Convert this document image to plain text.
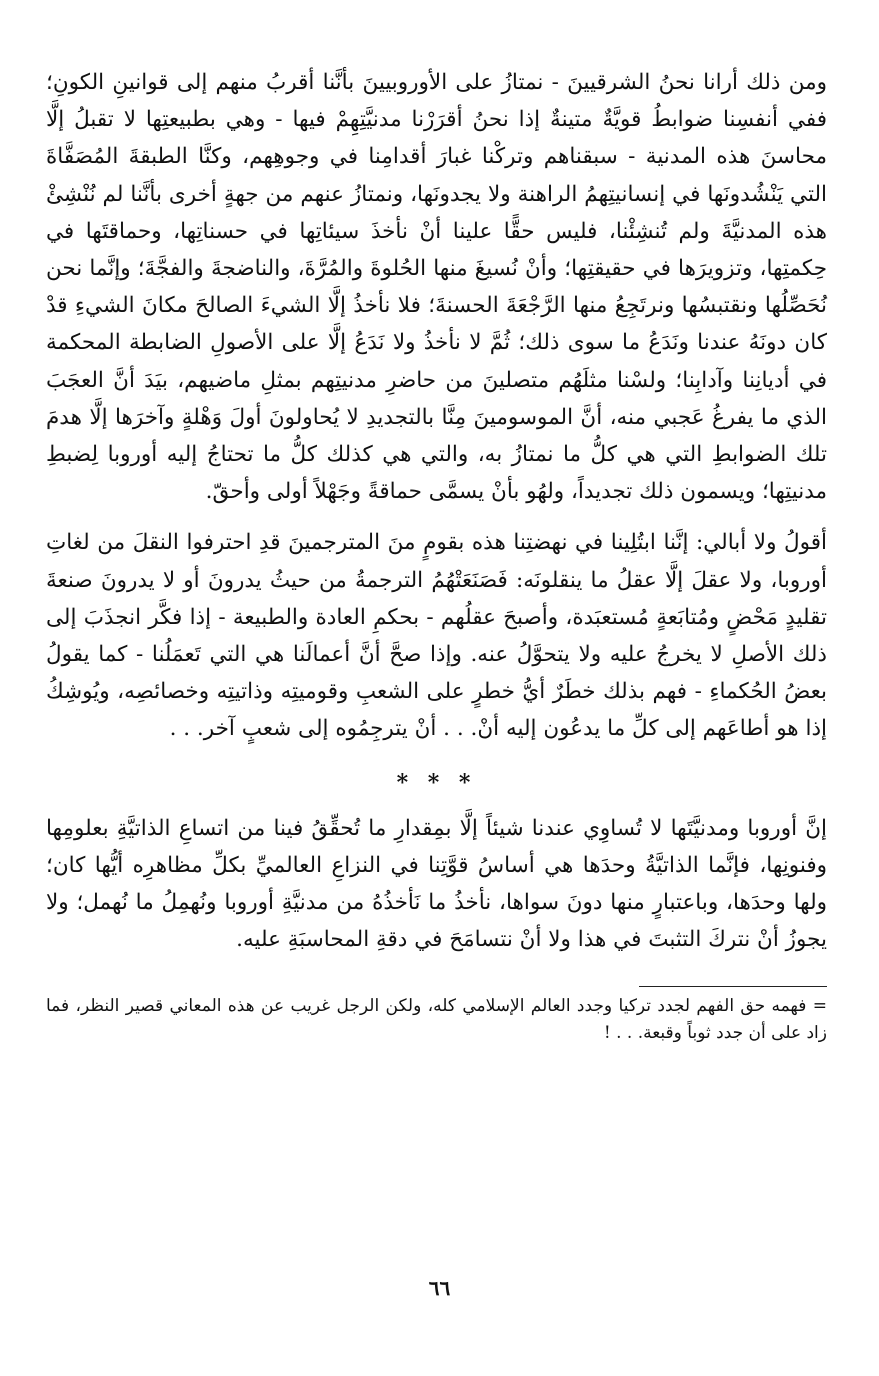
ومن ذلك أرانا نحنُ الشرقيينَ - نمتازُ على الأوروبيينَ بأنَّنا أقربُ منهم إلى قوانينِ الكونِ؛ ففي أنفسِنا ضوابطُ قويَّةٌ متينةٌ إذا نحنُ أقرَرْنا مدنيَّتِهِمْ فيها - وهي بطبيعتِها لا تقبلُ إلَّا محاسنَ هذه المدنية - سبقناهم وتركْنا غبارَ أقدامِنا في وجوهِهم، وكنَّا الطبقةَ المُصَفَّاةَ التي يَنْشُدونَها في إنسانيتِهمُ الراهنة ولا يجدونَها، ونمتازُ عنهم من جهةٍ أخرى بأنَّنا لم نُنْشِئْ هذه المدنيَّةَ ولم تُنشِئْنا، فليس حقًّا علينا أنْ نأخذَ سيئاتِها في حسناتِها، وحماقتَها في حِكمتِها، وتزويرَها في حقيقتِها؛ وأنْ نُسيغَ منها الحُلوةَ والمُرَّةَ، والناضجةَ والفجَّةَ؛ وإنَّما نحن نُحَصِّلُها ونقتبسُها ونرتَجِعُ منها الرَّجْعَةَ الحسنةَ؛ فلا نأخذُ إلَّا الشيءَ الصالحَ مكانَ الشيءِ قدْ كان دونَهُ عندنا ونَدَعُ ما سوى ذلك؛ ثُمَّ لا نأخذُ ولا نَدَعُ إلَّا على الأصولِ الضابطة المحكمة في أديانِنا وآدابِنا؛ ولسْنا مثلَهُم متصلينَ من حاضرِ مدنيتِهم بمثلِ ماضيهم، بيَدَ أنَّ العجَبَ الذي ما يفرغُ عَجبي منه، أنَّ الموسومينَ مِنَّا بالتجديدِ لا يُحاولونَ أولَ وَهْلةٍ وآخرَها إلَّا هدمَ تلك الضوابطِ التي هي كلُّ ما نمتازُ به، والتي هي كذلك كلُّ ما تحتاجُ إليه أوروبا لِضبطِ مدنيتِها؛ ويسمون ذلك تجديداً، ولهُو بأنْ يسمَّى حماقةً وجَهْلاً أولى وأحقّ.

أقولُ ولا أبالي: إنَّنا ابتُلِينا في نهضتِنا هذه بقومٍ منَ المترجمينَ قدِ احترفوا النقلَ من لغاتِ أوروبا، ولا عقلَ إلَّا عقلُ ما ينقلونَه: فَصَنَعَتْهُمُ الترجمةُ من حيثُ يدرونَ أو لا يدرونَ صنعةَ تقليدٍ مَحْضٍ ومُتابَعةٍ مُستعبَدة، وأصبحَ عقلُهم - بحكمِ العادة والطبيعة - إذا فكَّر انجذَبَ إلى ذلك الأصلِ لا يخرجُ عليه ولا يتحوَّلُ عنه. وإذا صحَّ أنَّ أعمالَنا هي التي تَعمَلُنا - كما يقولُ بعضُ الحُكماءِ - فهم بذلك خطَرٌ أيُّ خطرٍ على الشعبِ وقوميتِه وذاتيتِه وخصائصِه، ويُوشِكُ إذا هو أطاعَهم إلى كلِّ ما يدعُون إليه أنْ. . . أنْ يترجِمُوه إلى شعبٍ آخر. . .

* * *

إنَّ أوروبا ومدنيَّتَها لا تُساوِي عندنا شيئاً إلَّا بمِقدارِ ما تُحقِّقُ فينا من اتساعِ الذاتيَّةِ بعلومِها وفنونِها، فإنَّما الذاتيَّةُ وحدَها هي أساسُ قوَّتِنا في النزاعِ العالميِّ بكلِّ مظاهرِه أيُّها كان؛ ولها وحدَها، وباعتبارٍ منها دونَ سواها، نأخذُ ما نَأخذُهُ من مدنيَّةِ أوروبا ونُهمِلُ ما نُهمل؛ ولا يجوزُ أنْ نتركَ التثبتَ في هذا ولا أنْ نتسامَحَ في دقةِ المحاسبَةِ عليه.

= فهمه حق الفهم لجدد تركيا وجدد العالم الإسلامي كله، ولكن الرجل غريب عن هذه المعاني قصير النظر، فما زاد على أن جدد ثوباً وقبعة. . . !

٦٦
